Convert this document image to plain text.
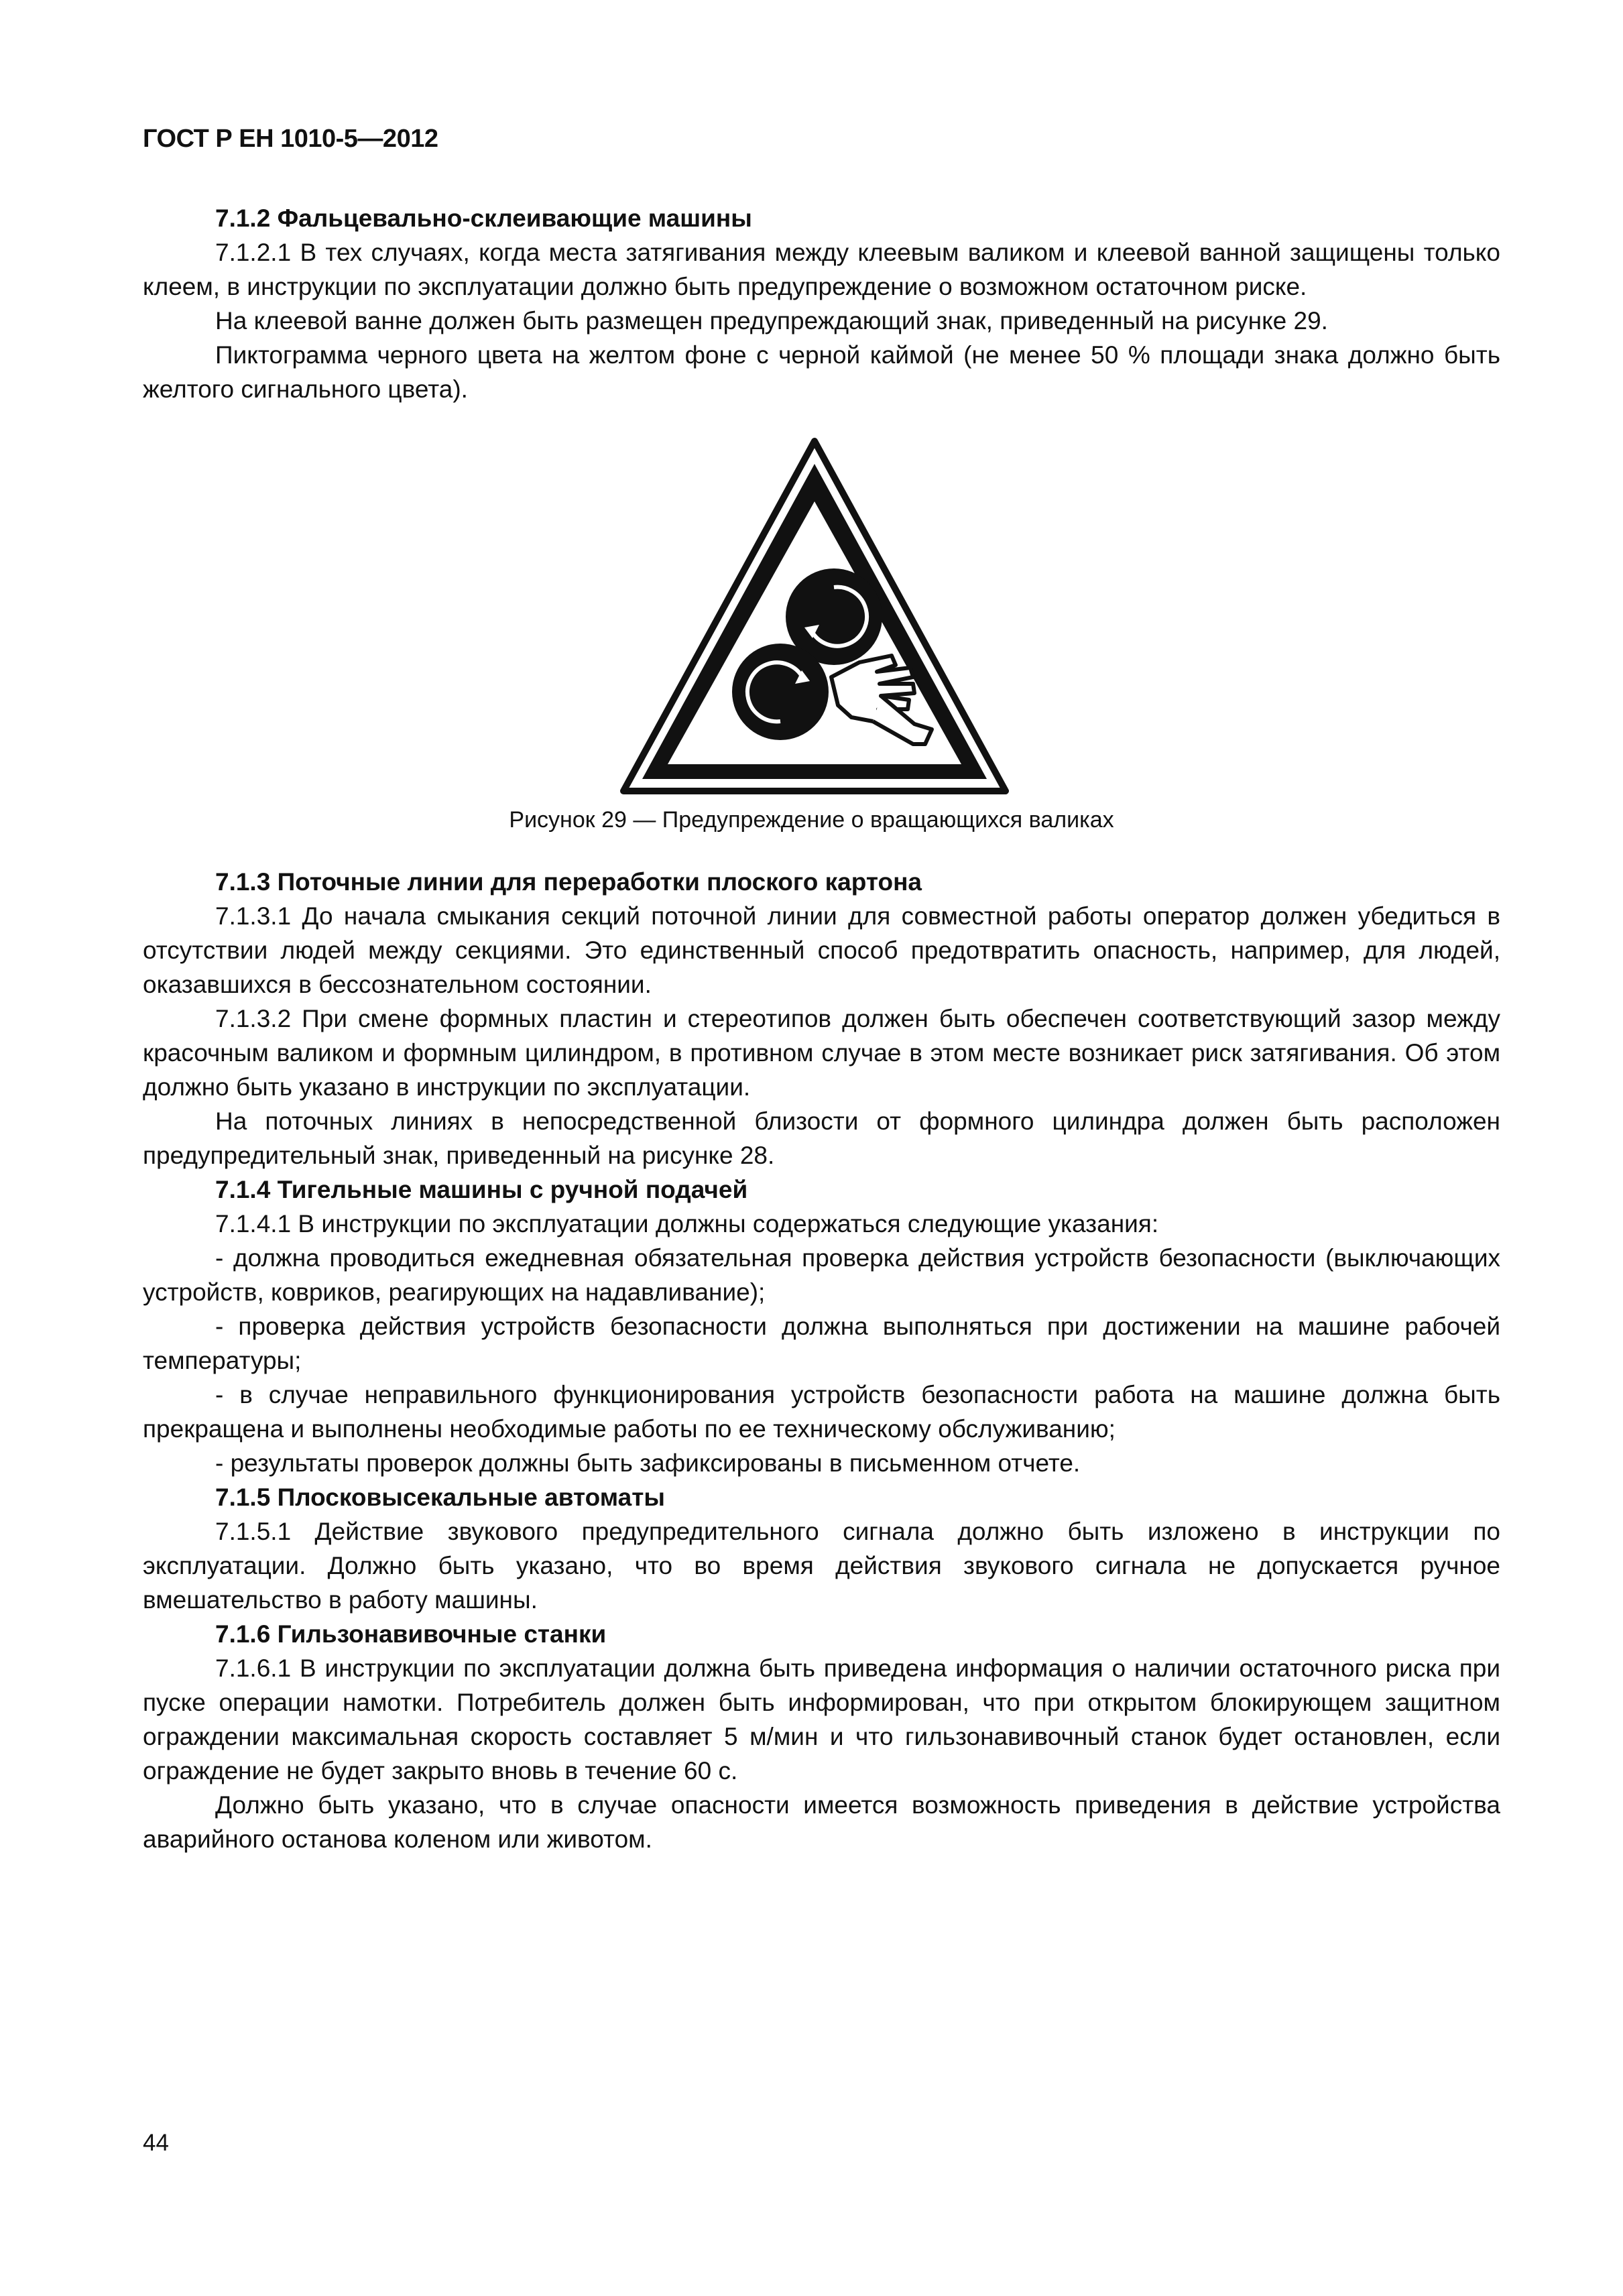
ГОСТ Р ЕН 1010-5—2012
7.1.2 Фальцевально-склеивающие машины

7.1.2.1 В тех случаях, когда места затягивания между клеевым валиком и клеевой ванной защищены только клеем, в инструкции по эксплуатации должно быть предупреждение о возможном остаточном риске.

На клеевой ванне должен быть размещен предупреждающий знак, приведенный на рисунке 29.

Пиктограмма черного цвета на желтом фоне с черной каймой (не менее 50 % площади знака должно быть желтого сигнального цвета).

Рисунок 29 — Предупреждение о вращающихся валиках
7.1.3 Поточные линии для переработки плоского картона

7.1.3.1 До начала смыкания секций поточной линии для совместной работы оператор должен убедиться в отсутствии людей между секциями. Это единственный способ предотвратить опасность, например, для людей, оказавшихся в бессознательном состоянии.

7.1.3.2 При смене формных пластин и стереотипов должен быть обеспечен соответствующий зазор между красочным валиком и формным цилиндром, в противном случае в этом месте возникает риск затягивания. Об этом должно быть указано в инструкции по эксплуатации.

На поточных линиях в непосредственной близости от формного цилиндра должен быть расположен предупредительный знак, приведенный на рисунке 28.

7.1.4 Тигельные машины с ручной подачей

7.1.4.1 В инструкции по эксплуатации должны содержаться следующие указания:

- должна проводиться ежедневная обязательная проверка действия устройств безопасности (выключающих устройств, ковриков, реагирующих на надавливание);

- проверка действия устройств безопасности должна выполняться при достижении на машине рабочей температуры;

- в случае неправильного функционирования устройств безопасности работа на машине должна быть прекращена и выполнены необходимые работы по ее техническому обслуживанию;

- результаты проверок должны быть зафиксированы в письменном отчете.

7.1.5 Плосковысекальные автоматы

7.1.5.1 Действие звукового предупредительного сигнала должно быть изложено в инструкции по эксплуатации. Должно быть указано, что во время действия звукового сигнала не допускается ручное вмешательство в работу машины.

7.1.6 Гильзонавивочные станки

7.1.6.1 В инструкции по эксплуатации должна быть приведена информация о наличии остаточного риска при пуске операции намотки. Потребитель должен быть информирован, что при открытом блокирующем защитном ограждении максимальная скорость составляет 5 м/мин и что гильзонавивочный станок будет остановлен, если ограждение не будет закрыто вновь в течение 60 с.

Должно быть указано, что в случае опасности имеется возможность приведения в действие устройства аварийного останова коленом или животом.

44
